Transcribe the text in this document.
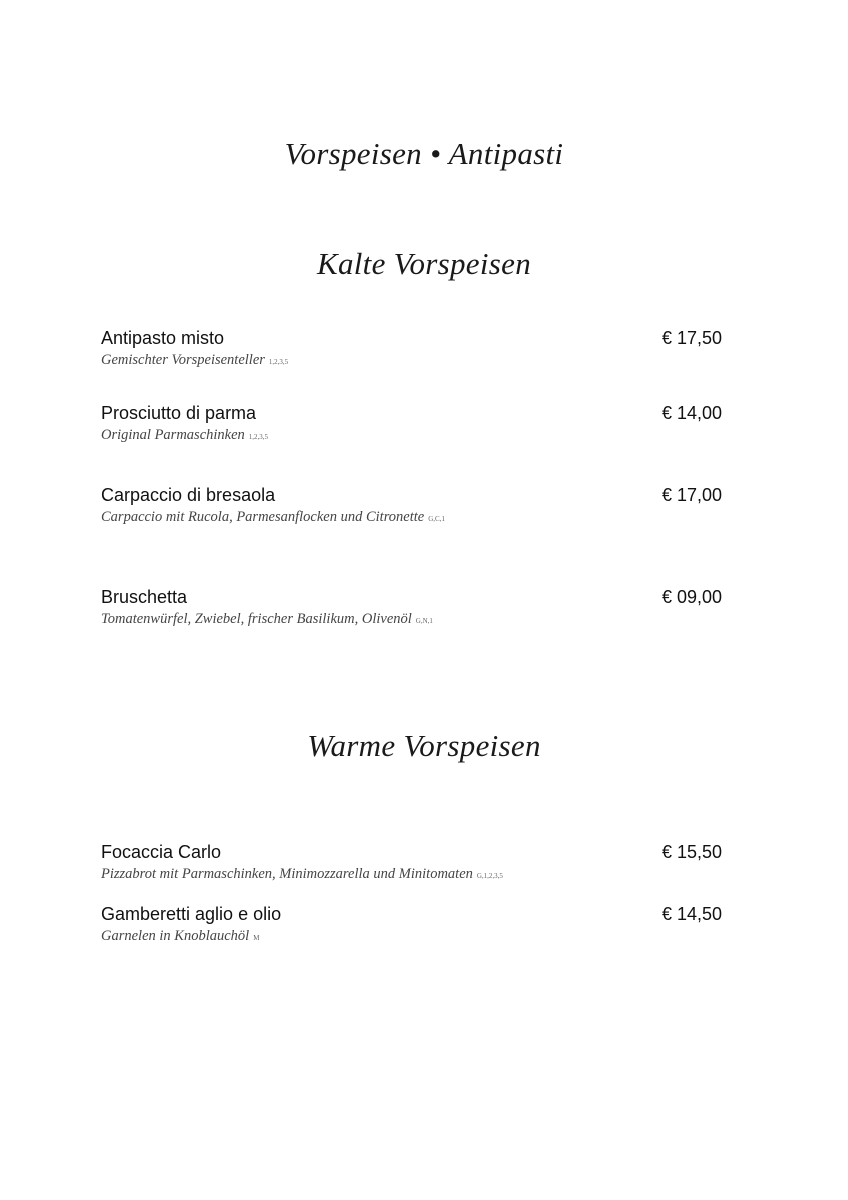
Vorspeisen • Antipasti
Kalte Vorspeisen
Antipasto misto	€ 17,50
Gemischter Vorspeisenteller 1,2,3,5
Prosciutto di parma	€ 14,00
Original Parmaschinken 1,2,3,5
Carpaccio di bresaola	€ 17,00
Carpaccio mit Rucola, Parmesanflocken und Citronette G,C,1
Bruschetta	€ 09,00
Tomatenwürfel, Zwiebel, frischer Basilikum, Olivenöl G,N,1
Warme Vorspeisen
Focaccia Carlo	€ 15,50
Pizzabrot mit Parmaschinken, Minimozzarella und Minitomaten G,1,2,3,5
Gamberetti aglio e olio	€ 14,50
Garnelen in Knoblauchöl M
